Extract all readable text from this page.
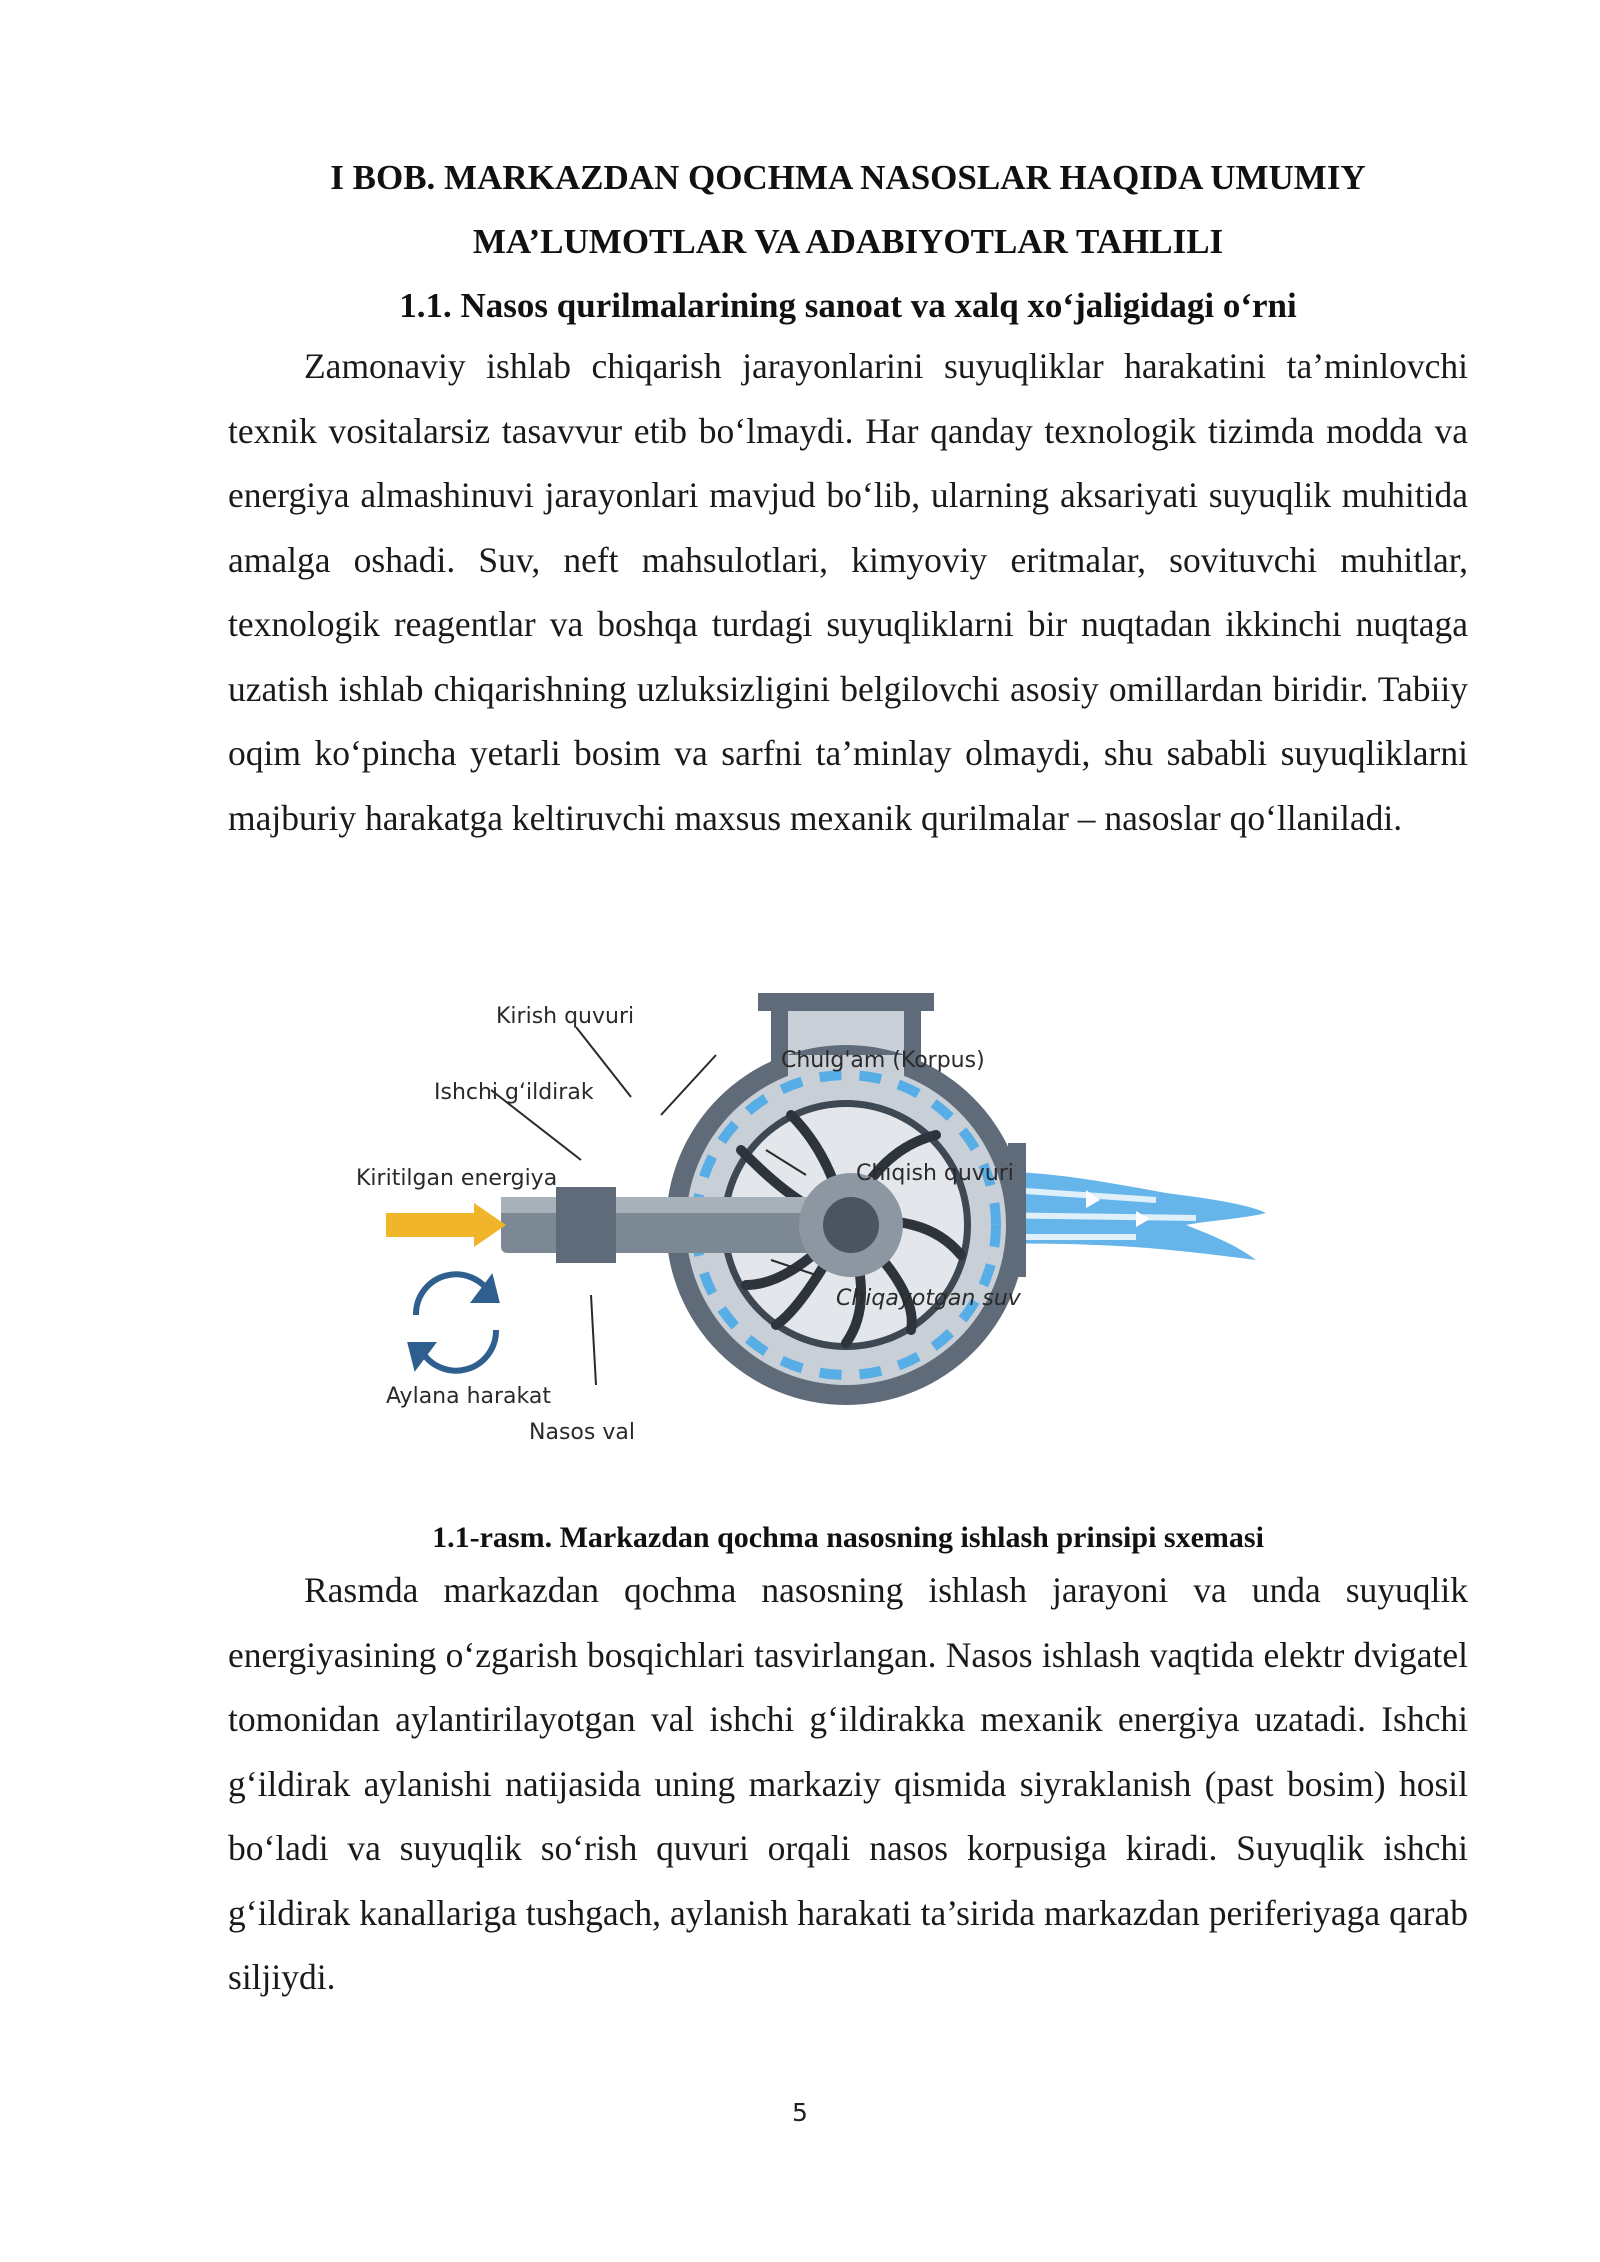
I BOB. MARKAZDAN QOCHMA NASOSLAR HAQIDA UMUMIY
MA’LUMOTLAR VA ADABIYOTLAR TAHLILI
1.1. Nasos qurilmalarining sanoat va xalq xo‘jaligidagi o‘rni

Zamonaviy ishlab chiqarish jarayonlarini suyuqliklar harakatini ta’minlovchi texnik vositalarsiz tasavvur etib bo‘lmaydi. Har qanday texnologik tizimda modda va energiya almashinuvi jarayonlari mavjud bo‘lib, ularning aksariyati suyuqlik muhitida amalga oshadi. Suv, neft mahsulotlari, kimyoviy eritmalar, sovituvchi muhitlar, texnologik reagentlar va boshqa turdagi suyuqliklarni bir nuqtadan ikkinchi nuqtaga uzatish ishlab chiqarishning uzluksizligini belgilovchi asosiy omillardan biridir. Tabiiy oqim ko‘pincha yetarli bosim va sarfni ta’minlay olmaydi, shu sababli suyuqliklarni majburiy harakatga keltiruvchi maxsus mexanik qurilmalar – nasoslar qo‘llaniladi.

Kirish quvuri
Chulg'am (Korpus)
Ishchi g‘ildirak
Kiritilgan energiya	Chiqish quvuri
Chiqayotgan suv
Aylana harakat
Nasos val

1.1-rasm. Markazdan qochma nasosning ishlash prinsipi sxemasi

Rasmda markazdan qochma nasosning ishlash jarayoni va unda suyuqlik energiyasining o‘zgarish bosqichlari tasvirlangan. Nasos ishlash vaqtida elektr dvigatel tomonidan aylantirilayotgan val ishchi g‘ildirakka mexanik energiya uzatadi. Ishchi g‘ildirak aylanishi natijasida uning markaziy qismida siyraklanish (past bosim) hosil bo‘ladi va suyuqlik so‘rish quvuri orqali nasos korpusiga kiradi. Suyuqlik ishchi g‘ildirak kanallariga tushgach, aylanish harakati ta’sirida markazdan periferiyaga qarab siljiydi.

5
